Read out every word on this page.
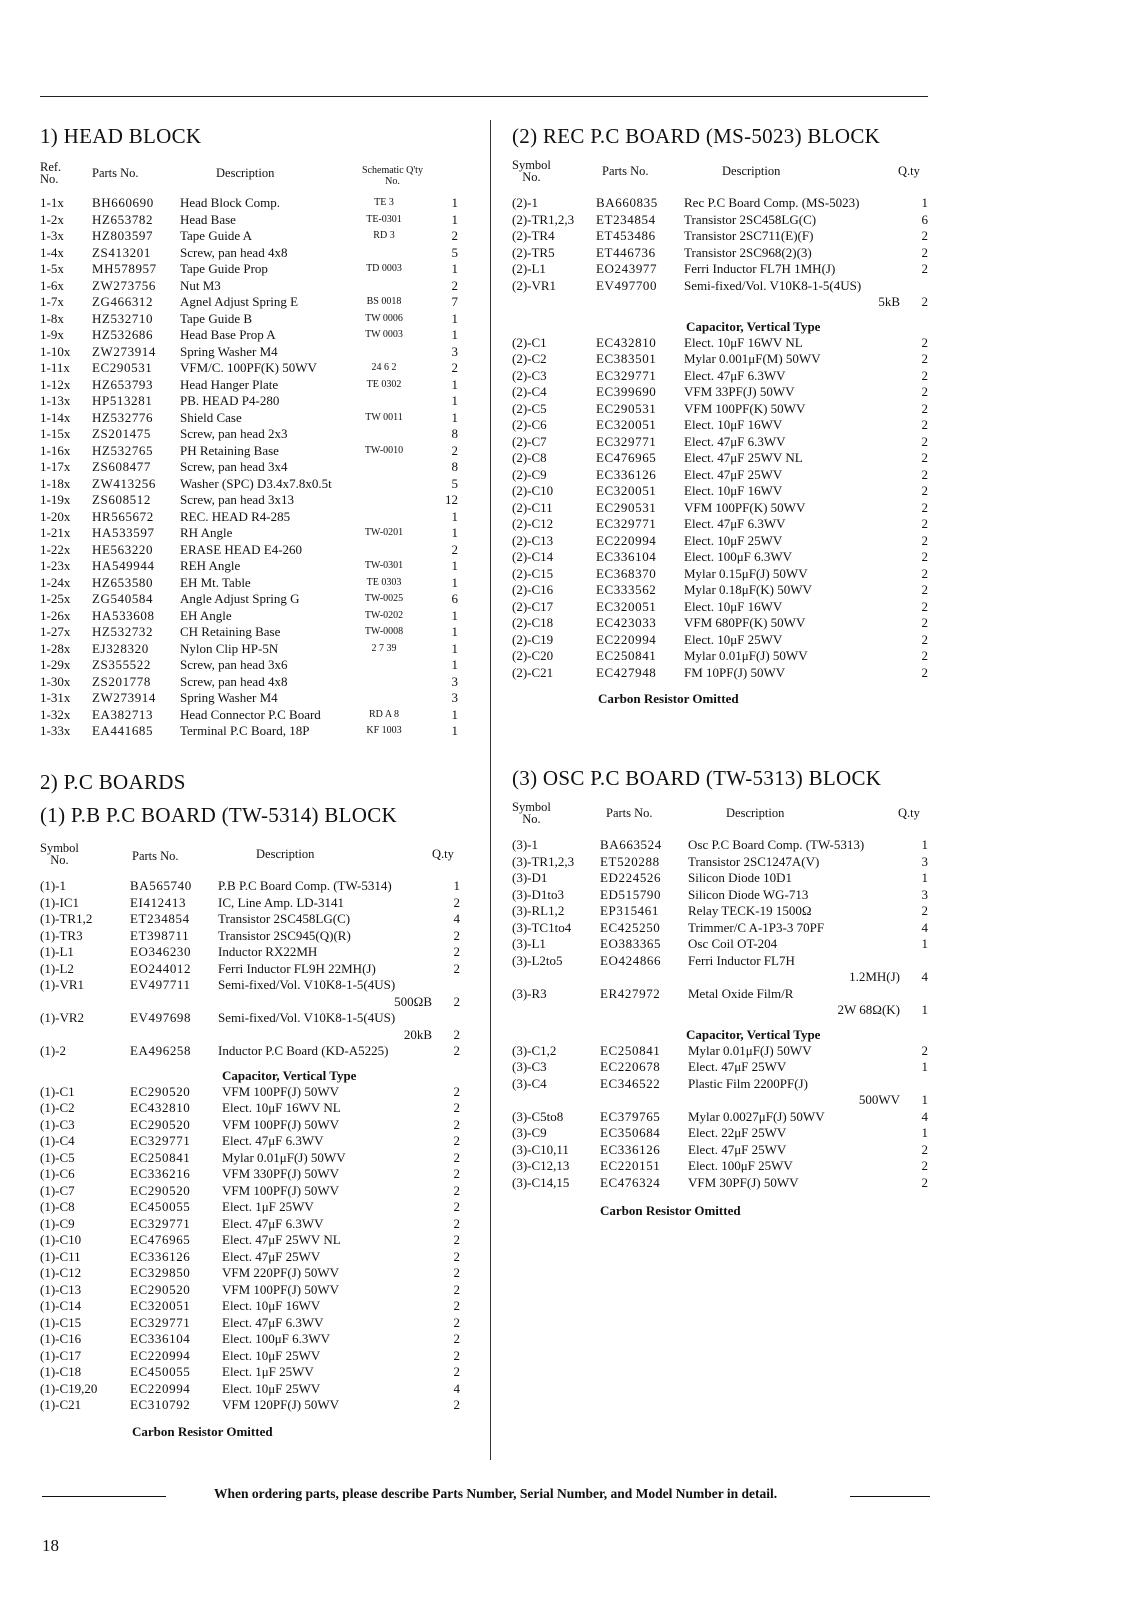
1) HEAD BLOCK
Ref.
No.	Parts No.	Description	Schematic Q'ty
No.
1-1x BH660690 Head Block Comp.	TE 3	1
1-2x HZ653782 Head Base	TE-0301	1
1-3x HZ803597 Tape Guide A	RD 3	2
1-4x ZS413201 Screw, pan head 4x8	5
1-5x MH578957 Tape Guide Prop	TD 0003	1
1-6x ZW273756 Nut M3	2
1-7x ZG466312 Agnel Adjust Spring E	BS 0018	7
1-8x HZ532710 Tape Guide B	TW 0006	1
1-9x HZ532686 Head Base Prop A	TW 0003	1
1-10x ZW273914 Spring Washer M4	3
1-11x EC290531 VFM/C. 100PF(K) 50WV	24 6 2	2
1-12x HZ653793 Head Hanger Plate	TE 0302	1
1-13x HP513281 PB. HEAD P4-280	1
1-14x HZ532776 Shield Case	TW 0011	1
1-15x ZS201475 Screw, pan head 2x3	8
1-16x HZ532765 PH Retaining Base	TW-0010	2
1-17x ZS608477 Screw, pan head 3x4	8
1-18x ZW413256 Washer (SPC) D3.4x7.8x0.5t	5
1-19x ZS608512 Screw, pan head 3x13	12
1-20x HR565672 REC. HEAD R4-285	1
1-21x HA533597 RH Angle	TW-0201	1
1-22x HE563220 ERASE HEAD E4-260	2
1-23x HA549944 REH Angle	TW-0301	1
1-24x HZ653580 EH Mt. Table	TE 0303	1
1-25x ZG540584 Angle Adjust Spring G	TW-0025	6
1-26x HA533608 EH Angle	TW-0202	1
1-27x HZ532732 CH Retaining Base	TW-0008	1
1-28x EJ328320 Nylon Clip HP-5N	2 7 39	1
1-29x ZS355522 Screw, pan head 3x6	1
1-30x ZS201778 Screw, pan head 4x8	3
1-31x ZW273914 Spring Washer M4	3
1-32x EA382713 Head Connector P.C Board	RD A 8	1
1-33x EA441685 Terminal P.C Board, 18P	KF 1003	1
2) P.C BOARDS
(1) P.B P.C BOARD (TW-5314) BLOCK
Symbol
No.	Parts No.	Description	Q.ty
(1)-1	BA565740 P.B P.C Board Comp. (TW-5314)	1
(1)-IC1	EI412413 IC, Line Amp. LD-3141	2
(1)-TR1,2	ET234854 Transistor 2SC458LG(C)	4
(1)-TR3	ET398711 Transistor 2SC945(Q)(R)	2
(1)-L1	EO346230 Inductor RX22MH	2
(1)-L2	EO244012 Ferri Inductor FL9H 22MH(J)	2
(1)-VR1	EV497711 Semi-fixed/Vol. V10K8-1-5(4US)
500ΩB	2
(1)-VR2	EV497698 Semi-fixed/Vol. V10K8-1-5(4US)
20kB	2
(1)-2	EA496258 Inductor P.C Board (KD-A5225)	2
Capacitor, Vertical Type
(1)-C1	EC290520 VFM 100PF(J) 50WV	2
(1)-C2	EC432810 Elect. 10μF 16WV NL	2
(1)-C3	EC290520 VFM 100PF(J) 50WV	2
(1)-C4	EC329771 Elect. 47μF 6.3WV	2
(1)-C5	EC250841 Mylar 0.01μF(J) 50WV	2
(1)-C6	EC336216 VFM 330PF(J) 50WV	2
(1)-C7	EC290520 VFM 100PF(J) 50WV	2
(1)-C8	EC450055 Elect. 1μF 25WV	2
(1)-C9	EC329771 Elect. 47μF 6.3WV	2
(1)-C10	EC476965 Elect. 47μF 25WV NL	2
(1)-C11	EC336126 Elect. 47μF 25WV	2
(1)-C12	EC329850 VFM 220PF(J) 50WV	2
(1)-C13	EC290520 VFM 100PF(J) 50WV	2
(1)-C14	EC320051 Elect. 10μF 16WV	2
(1)-C15	EC329771 Elect. 47μF 6.3WV	2
(1)-C16	EC336104 Elect. 100μF 6.3WV	2
(1)-C17	EC220994 Elect. 10μF 25WV	2
(1)-C18	EC450055 Elect. 1μF 25WV	2
(1)-C19,20	EC220994 Elect. 10μF 25WV	4
(1)-C21	EC310792 VFM 120PF(J) 50WV	2
Carbon Resistor Omitted
(2) REC P.C BOARD (MS-5023) BLOCK
Symbol
No.	Parts No.	Description	Q.ty
(2)-1	BA660835 Rec P.C Board Comp. (MS-5023)	1
(2)-TR1,2,3 ET234854 Transistor 2SC458LG(C)	6
(2)-TR4	ET453486 Transistor 2SC711(E)(F)	2
(2)-TR5	ET446736 Transistor 2SC968(2)(3)	2
(2)-L1	EO243977 Ferri Inductor FL7H 1MH(J)	2
(2)-VR1	EV497700 Semi-fixed/Vol. V10K8-1-5(4US)
5kB	2
Capacitor, Vertical Type
(2)-C1	EC432810 Elect. 10μF 16WV NL	2
(2)-C2	EC383501 Mylar 0.001μF(M) 50WV	2
(2)-C3	EC329771 Elect. 47μF 6.3WV	2
(2)-C4	EC399690 VFM 33PF(J) 50WV	2
(2)-C5	EC290531 VFM 100PF(K) 50WV	2
(2)-C6	EC320051 Elect. 10μF 16WV	2
(2)-C7	EC329771 Elect. 47μF 6.3WV	2
(2)-C8	EC476965 Elect. 47μF 25WV NL	2
(2)-C9	EC336126 Elect. 47μF 25WV	2
(2)-C10	EC320051 Elect. 10μF 16WV	2
(2)-C11	EC290531 VFM 100PF(K) 50WV	2
(2)-C12	EC329771 Elect. 47μF 6.3WV	2
(2)-C13	EC220994 Elect. 10μF 25WV	2
(2)-C14	EC336104 Elect. 100μF 6.3WV	2
(2)-C15	EC368370 Mylar 0.15μF(J) 50WV	2
(2)-C16	EC333562 Mylar 0.18μF(K) 50WV	2
(2)-C17	EC320051 Elect. 10μF 16WV	2
(2)-C18	EC423033 VFM 680PF(K) 50WV	2
(2)-C19	EC220994 Elect. 10μF 25WV	2
(2)-C20	EC250841 Mylar 0.01μF(J) 50WV	2
(2)-C21	EC427948 FM 10PF(J) 50WV	2
Carbon Resistor Omitted
(3) OSC P.C BOARD (TW-5313) BLOCK
Symbol
No.	Parts No.	Description	Q.ty
(3)-1	BA663524 Osc P.C Board Comp. (TW-5313)	1
(3)-TR1,2,3 ET520288 Transistor 2SC1247A(V)	3
(3)-D1	ED224526 Silicon Diode 10D1	1
(3)-D1to3	ED515790 Silicon Diode WG-713	3
(3)-RL1,2	EP315461 Relay TECK-19 1500Ω	2
(3)-TC1to4 EC425250 Trimmer/C A-1P3-3 70PF	4
(3)-L1	EO383365 Osc Coil OT-204	1
(3)-L2to5	EO424866 Ferri Inductor FL7H
1.2MH(J)	4
(3)-R3	ER427972 Metal Oxide Film/R
2W 68Ω(K)	1
Capacitor, Vertical Type
(3)-C1,2	EC250841 Mylar 0.01μF(J) 50WV	2
(3)-C3	EC220678 Elect. 47μF 25WV	1
(3)-C4	EC346522 Plastic Film 2200PF(J)
500WV	1
(3)-C5to8	EC379765 Mylar 0.0027μF(J) 50WV	4
(3)-C9	EC350684 Elect. 22μF 25WV	1
(3)-C10,11 EC336126 Elect. 47μF 25WV	2
(3)-C12,13 EC220151 Elect. 100μF 25WV	2
(3)-C14,15 EC476324 VFM 30PF(J) 50WV	2
Carbon Resistor Omitted
When ordering parts, please describe Parts Number, Serial Number, and Model Number in detail.
18
